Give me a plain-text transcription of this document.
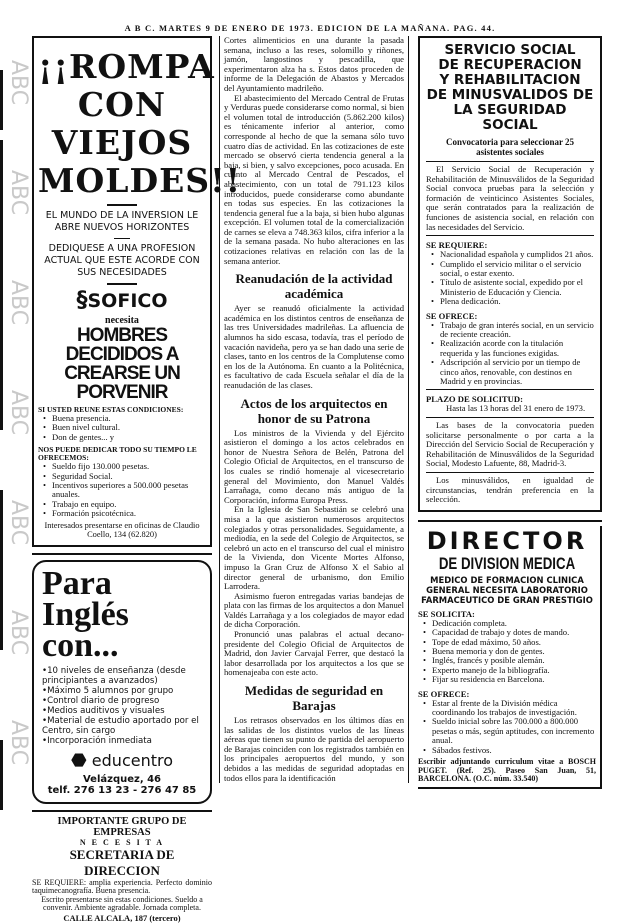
A B C. MARTES 9 DE ENERO DE 1973. EDICION DE LA MAÑANA. PAG. 44.
¡¡ROMPA
CON VIEJOS
MOLDES!!
EL MUNDO DE LA INVERSION LE ABRE NUEVOS HORIZONTES
DEDIQUESE A UNA PROFESION ACTUAL QUE ESTE ACORDE CON SUS NECESIDADES
§SOFICO
necesita
HOMBRES DECIDIDOS A CREARSE UN PORVENIR
SI USTED REUNE ESTAS CONDICIONES:
• Buena presencia.
• Buen nivel cultural.
• Don de gentes... y
NOS PUEDE DEDICAR TODO SU TIEMPO LE OFRECEMOS:
• Sueldo fijo 130.000 pesetas.
• Seguridad Social.
• Incentivos superiores a 500.000 pesetas anuales.
• Trabajo en equipo.
• Formación psicotécnica.
Interesados presentarse en oficinas de Claudio Coello, 134 (62.820)
Para
Inglés con...
•10 niveles de enseñanza (desde principiantes a avanzados)
•Máximo 5 alumnos por grupo
•Control diario de progreso
•Medios auditivos y visuales
•Material de estudio aportado por el Centro, sin cargo
•Incorporación inmediata
⬣ educentro
Velázquez, 46
telf. 276 13 23 - 276 47 85
IMPORTANTE GRUPO DE EMPRESAS
N E C E S I T A
SECRETARIA DE DIRECCION
SE REQUIERE: amplia experiencia. Perfecto dominio taquimecanografía. Buena presencia.
Escrito presentarse sin estas condiciones. Sueldo a convenir. Ambiente agradable. Jornada completa.
CALLE ALCALA, 187 (tercero)

Cortes alimenticios en una durante la pasada semana, incluso a las reses, solomillo y riñones, jamón, langostinos y pescadilla, que experimentaron alza ha s. Estos datos proceden de informe de la Delegación de Abastos y Mercados del Ayuntamiento madrileño.

El abastecimiento del Mercado Central de Frutas y Verduras puede considerarse como normal, si bien el volumen total de introducción (5.862.200 kilos) es ténicamente inferior al anterior, como corresponde al hecho de que la semana sólo tuvo cuatro días de actividad. En las cotizaciones de este mercado se observó cierta tendencia general a la baja, si bien, y salvo excepciones, poco acusada. En cuanto al Mercado Central de Pescados, el abastecimiento, con un total de 791.123 kilos introducidos, puede considerarse como abundante en todas sus especies. En las cotizaciones la tendencia general fue a la baja, si bien hubo algunas excepción. El volumen total de la comercialización de carnes se eleva a 748.363 kilos, cifra inferior a la de la semana pasada. No hubo alteraciones en las cotizaciones relativas en relación con las de la semana anterior.

Reanudación de la actividad académica

Ayer se reanudó oficialmente la actividad académica en los distintos centros de enseñanza de las tres Universidades madrileñas. La afluencia de alumnos ha sido escasa, todavía, tras el período de vacación navideña, pero ya se han dado una serie de clases, tanto en los centros de la Complutense como en los de la Autónoma. En cuanto a la Politécnica, es facultativo de cada Escuela señalar el día de la reanudación de las clases.

Actos de los arquitectos en honor de su Patrona

Los ministros de la Vivienda y del Ejército asistieron el domingo a los actos celebrados en honor de Nuestra Señora de Belén, Patrona del Colegio Oficial de Arquitectos, en el transcurso de los cuales se rindió homenaje al vicesecretario general del Movimiento, don Manuel Valdés Larrañaga, como decano más antiguo de la Corporación, informa Europa Press.

En la Iglesia de San Sebastián se celebró una misa a la que asistieron numerosos arquitectos colegiados y otras personalidades. Seguidamente, a mediodía, en la sede del Colegio de Arquitectos, se celebró un acto en el transcurso del cual el ministro de la Vivienda, don Vicente Mortes Alfonso, impuso la Gran Cruz de Alfonso X el Sabio al director general de urbanismo, don Emilio Larrodera.

Asimismo fueron entregadas varias bandejas de plata con las firmas de los arquitectos a don Manuel Valdés Larrañaga y a los colegiados de mayor edad de dicha Corporación.

Pronunció unas palabras el actual decano-presidente del Colegio Oficial de Arquitectos de Madrid, don Javier Carvajal Ferrer, que destacó la labor desarrollada por los arquitectos a los que se homenajeaba con este acto.

Medidas de seguridad en Barajas

Los retrasos observados en los últimos días en las salidas de los distintos vuelos de las líneas aéreas que tienen su punto de partida del aeropuerto de Barajas coinciden con los registrados también en los principales aeropuertos del mundo, y son debidos a las medidas de seguridad adoptadas en todos ellos para la identificación

SERVICIO SOCIAL
DE RECUPERACION
Y REHABILITACION
DE MINUSVALIDOS DE
LA SEGURIDAD SOCIAL
Convocatoria para seleccionar 25 asistentes sociales

El Servicio Social de Recuperación y Rehabilitación de Minusválidos de la Seguridad Social convoca pruebas para la selección y formación de veinticinco Asistentes Sociales, que serán contratados para la realización de funciones de asistencia social, en relación con las necesidades del Servicio.

SE REQUIERE:
• Nacionalidad española y cumplidos 21 años.
• Cumplido el servicio militar o el servicio social, o estar exento.
• Título de asistente social, expedido por el Ministerio de Educación y Ciencia.
• Plena dedicación.
SE OFRECE:
• Trabajo de gran interés social, en un servicio de reciente creación.
• Realización acorde con la titulación requerida y las funciones exigidas.
• Adscripción al servicio por un tiempo de cinco años, renovable, con destinos en Madrid y en provincias.
PLAZO DE SOLICITUD:

Hasta las 13 horas del 31 enero de 1973.

Las bases de la convocatoria pueden solicitarse personalmente o por carta a la Dirección del Servicio Social de Recuperación y Rehabilitación de Minusválidos de la Seguridad Social, Modesto Lafuente, 88, Madrid-3.

Los minusválidos, en igualdad de circunstancias, tendrán preferencia en la selección.

DIRECTOR
DE DIVISION MEDICA
MEDICO DE FORMACION CLINICA GENERAL NECESITA LABORATORIO FARMACEUTICO DE GRAN PRESTIGIO
SE SOLICITA:
• Dedicación completa.
• Capacidad de trabajo y dotes de mando.
• Tope de edad máximo, 50 años.
• Buena memoria y don de gentes.
• Inglés, francés y posible alemán.
• Experto manejo de la bibliografía.
• Fijar su residencia en Barcelona.
SE OFRECE:
• Estar al frente de la División médica coordinando los trabajos de investigación.
• Sueldo inicial sobre las 700.000 a 800.000 pesetas o más, según aptitudes, con incremento anual.
• Sábados festivos.

Escribir adjuntando curriculum vitae a BOSCH PUGET. (Ref. 25). Paseo San Juan, 51, BARCELONA. (O.C. núm. 33.540)

ABC
ABC
ABC
ABC
ABC
ABC
ABC
